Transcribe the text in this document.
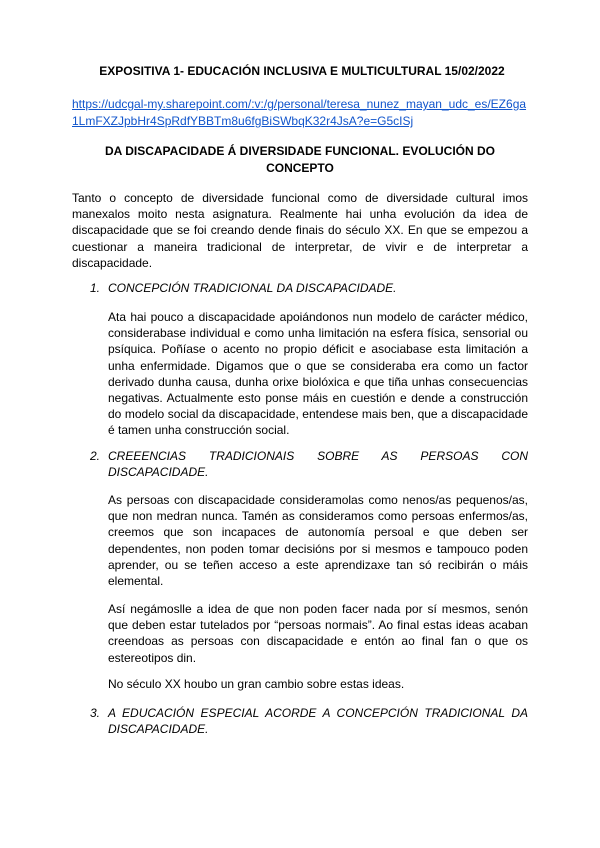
EXPOSITIVA 1- EDUCACIÓN INCLUSIVA E MULTICULTURAL 15/02/2022

https://udcgal-my.sharepoint.com/:v:/g/personal/teresa_nunez_mayan_udc_es/EZ6ga1LmFXZJpbHr4SpRdfYBBTm8u6fgBiSWbqK32r4JsA?e=G5cISj

DA DISCAPACIDADE Á DIVERSIDADE FUNCIONAL. EVOLUCIÓN DO CONCEPTO

Tanto o concepto de diversidade funcional como de diversidade cultural imos manexalos moito nesta asignatura. Realmente hai unha evolución da idea de discapacidade que se foi creando dende finais do século XX. En que se empezou a cuestionar a maneira tradicional de interpretar, de vivir e de interpretar a discapacidade.

1. CONCEPCIÓN TRADICIONAL DA DISCAPACIDADE.

Ata hai pouco a discapacidade apoiándonos nun modelo de carácter médico, considerabase individual e como unha limitación na esfera física, sensorial ou psíquica. Poñíase o acento no propio déficit e asociabase esta limitación a unha enfermidade. Digamos que o que se consideraba era como un factor derivado dunha causa, dunha orixe biolóxica e que tiña unhas consecuencias negativas. Actualmente esto ponse máis en cuestión e dende a construcción do modelo social da discapacidade, entendese mais ben, que a discapacidade é tamen unha construcción social.

2. CREEENCIAS TRADICIONAIS SOBRE AS PERSOAS CON DISCAPACIDADE.

As persoas con discapacidade consideramolas como nenos/as pequenos/as, que non medran nunca. Tamén as consideramos como persoas enfermos/as, creemos que son incapaces de autonomía persoal e que deben ser dependentes, non poden tomar decisións por si mesmos e tampouco poden aprender, ou se teñen acceso a este aprendizaxe tan só recibirán o máis elemental.

Así negámoslle a idea de que non poden facer nada por sí mesmos, senón que deben estar tutelados por “persoas normais”. Ao final estas ideas acaban creendoas as persoas con discapacidade e entón ao final fan o que os estereotipos din.

No século XX houbo un gran cambio sobre estas ideas.

3. A EDUCACIÓN ESPECIAL ACORDE A CONCEPCIÓN TRADICIONAL DA DISCAPACIDADE.
